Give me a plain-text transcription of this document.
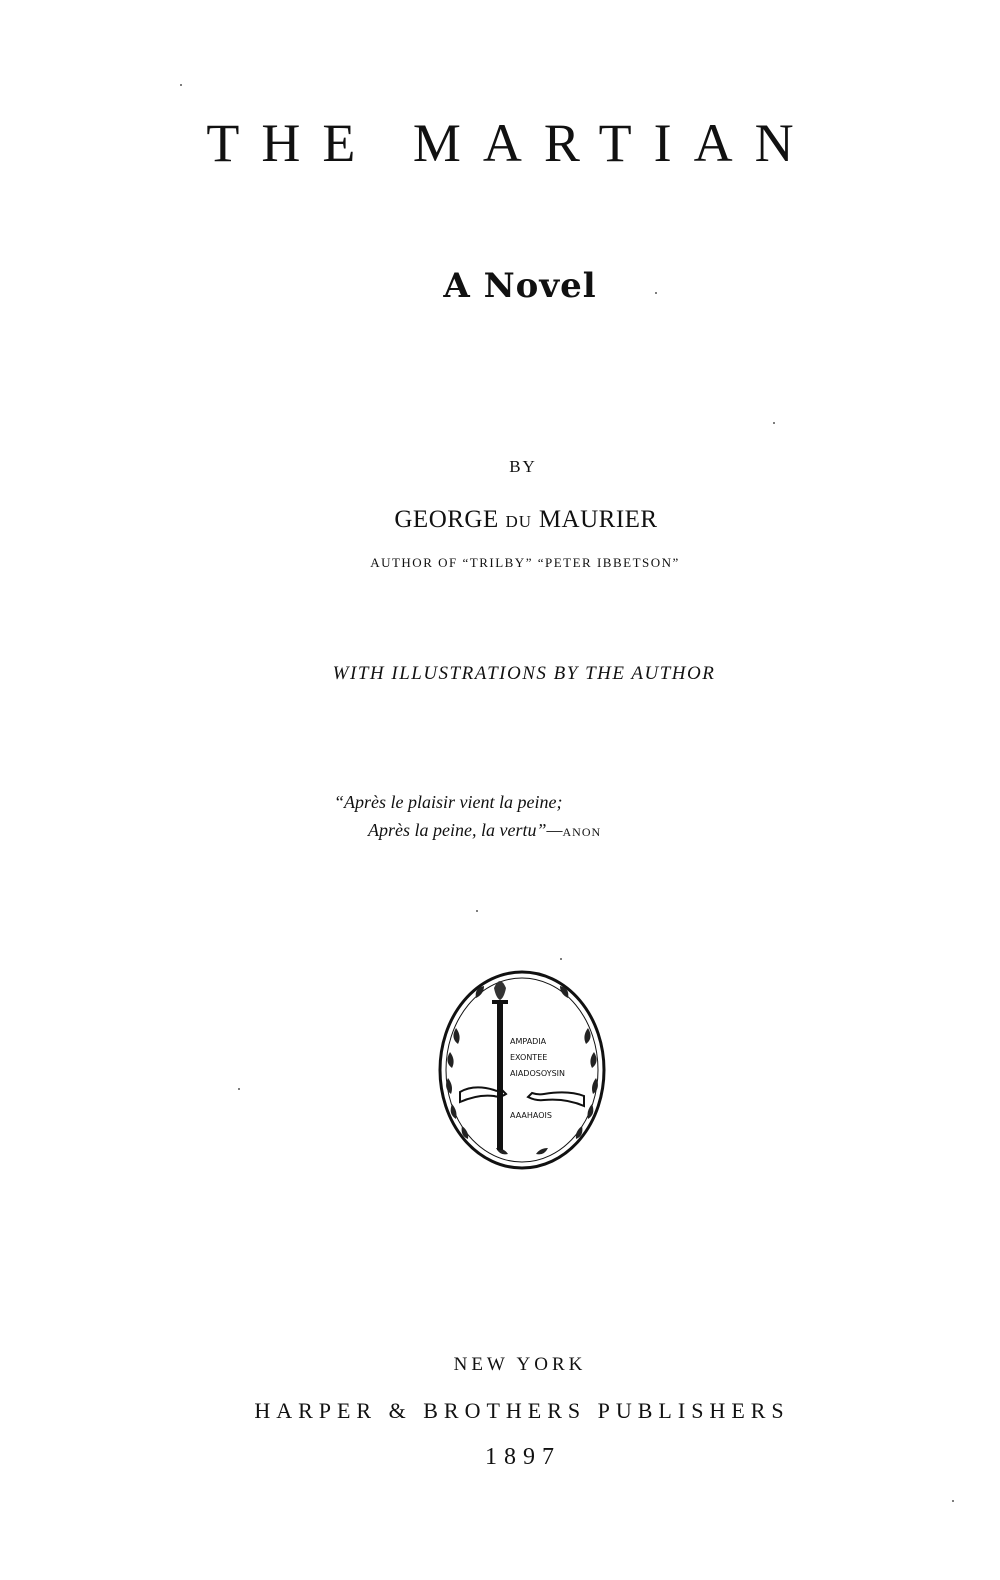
THE MARTIAN
A Novel
BY
GEORGE DU MAURIER
AUTHOR OF “TRILBY” “PETER IBBETSON”
WITH ILLUSTRATIONS BY THE AUTHOR
“Après le plaisir vient la peine;
Après la peine, la vertu”—ANON
AMPADIA
EXONTEE
AIADOSOYSIN
AAAHAOIS
NEW YORK
HARPER & BROTHERS PUBLISHERS
1897
